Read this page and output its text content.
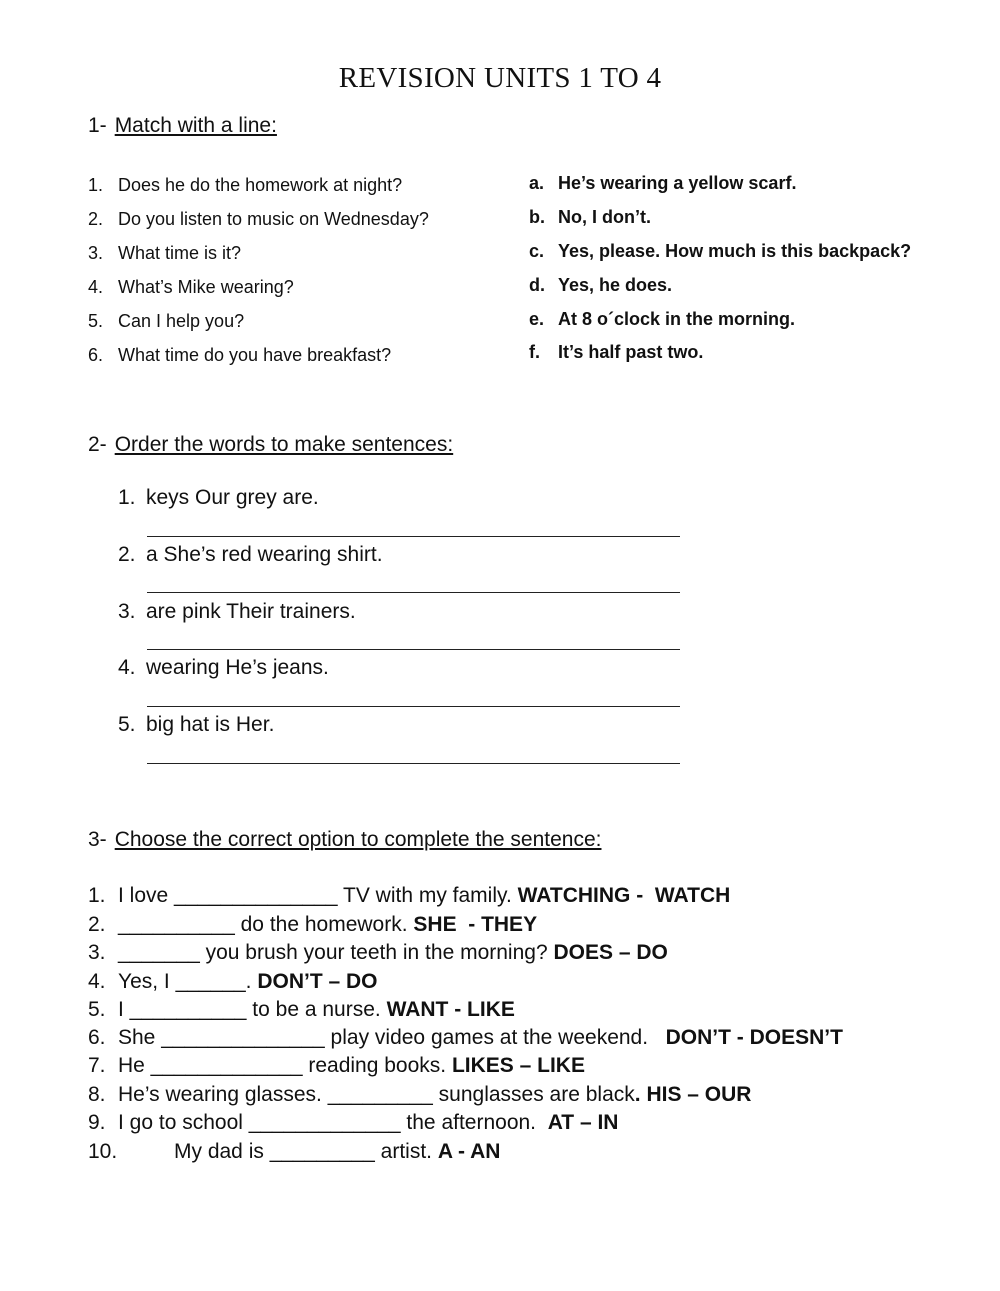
REVISION UNITS 1 TO 4
1- Match with a line:
1. Does he do the homework at night?
2. Do you listen to music on Wednesday?
3. What time is it?
4. What’s Mike wearing?
5. Can I help you?
6. What time do you have breakfast?
a. He’s wearing a yellow scarf.
b. No, I don’t.
c. Yes, please. How much is this backpack?
d. Yes, he does.
e. At 8 o´clock in the morning.
f. It’s half past two.
2- Order the words to make sentences:
1. keys Our grey are.
2. a She’s red wearing shirt.
3. are pink Their trainers.
4. wearing He’s jeans.
5. big hat is Her.
3- Choose the correct option to complete the sentence:
1. I love ______________ TV with my family. WATCHING -  WATCH
2. __________ do the homework. SHE  - THEY
3. _______ you brush your teeth in the morning? DOES – DO
4. Yes, I ______. DON’T – DO
5. I __________ to be a nurse. WANT - LIKE
6. She ______________ play video games at the weekend.   DON’T - DOESN’T
7. He _____________ reading books. LIKES – LIKE
8. He’s wearing glasses. _________ sunglasses are black. HIS – OUR
9. I go to school _____________ the afternoon.  AT – IN
10.	My dad is _________ artist. A - AN
